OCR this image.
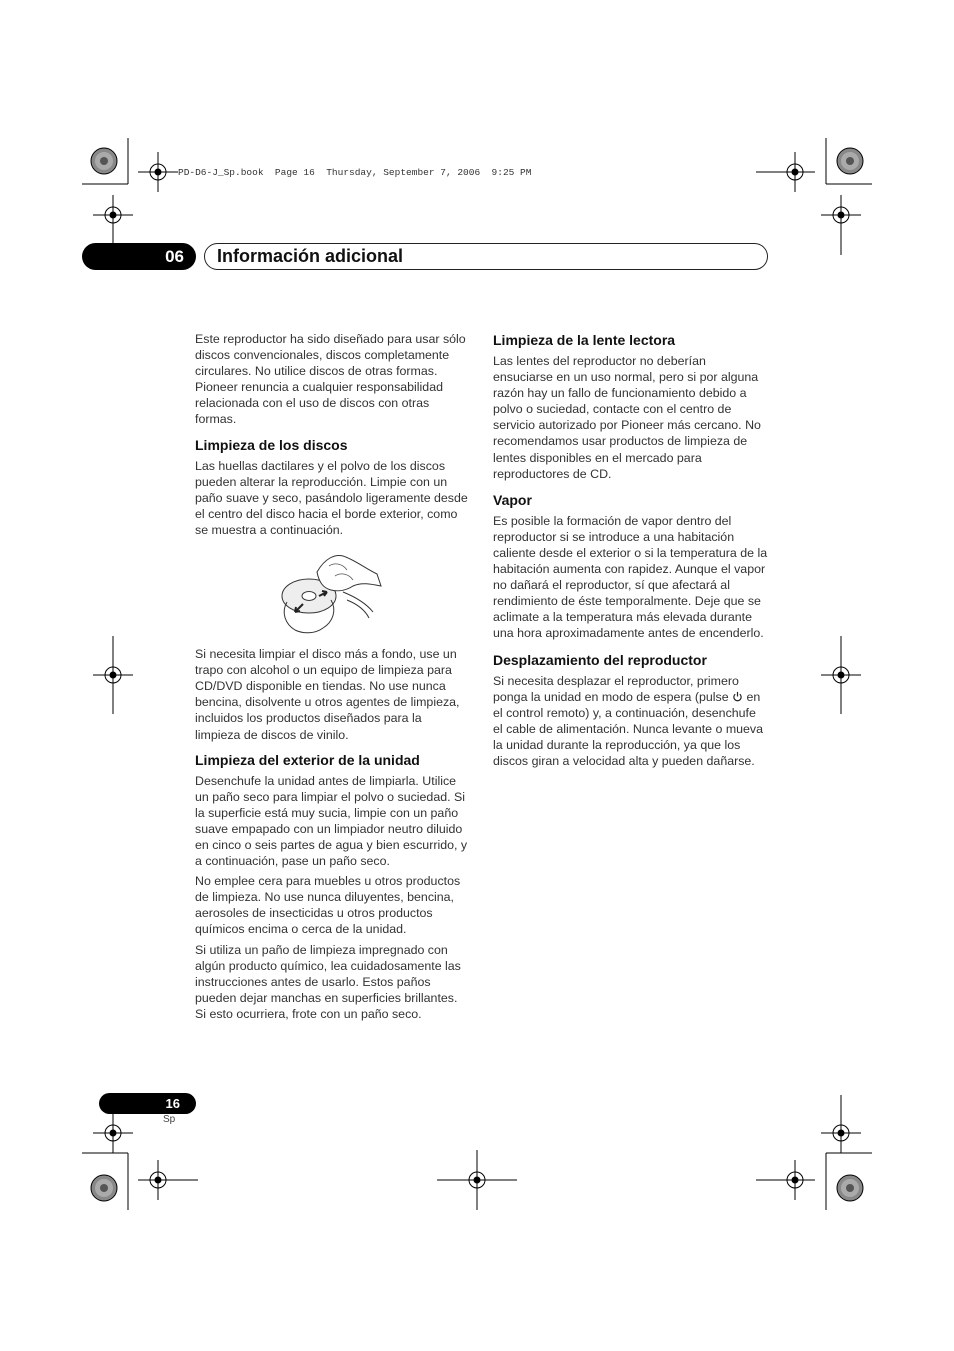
PD-D6-J_Sp.book  Page 16  Thursday, September 7, 2006  9:25 PM
06	Información adicional

Este reproductor ha sido diseñado para usar sólo discos convencionales, discos completamente circulares. No utilice discos de otras formas. Pioneer renuncia a cualquier responsabilidad relacionada con el uso de discos con otras formas.

Limpieza de los discos

Las huellas dactilares y el polvo de los discos pueden alterar la reproducción. Limpie con un paño suave y seco, pasándolo ligeramente desde el centro del disco hacia el borde exterior, como se muestra a continuación.

Si necesita limpiar el disco más a fondo, use un trapo con alcohol o un equipo de limpieza para CD/DVD disponible en tiendas. No use nunca bencina, disolvente u otros agentes de limpieza, incluidos los productos diseñados para la limpieza de discos de vinilo.

Limpieza del exterior de la unidad

Desenchufe la unidad antes de limpiarla. Utilice un paño seco para limpiar el polvo o suciedad. Si la superficie está muy sucia, limpie con un paño suave empapado con un limpiador neutro diluido en cinco o seis partes de agua y bien escurrido, y a continuación, pase un paño seco.

No emplee cera para muebles u otros productos de limpieza. No use nunca diluyentes, bencina, aerosoles de insecticidas u otros productos químicos encima o cerca de la unidad.

Si utiliza un paño de limpieza impregnado con algún producto químico, lea cuidadosamente las instrucciones antes de usarlo. Estos paños pueden dejar manchas en superficies brillantes. Si esto ocurriera, frote con un paño seco.

Limpieza de la lente lectora

Las lentes del reproductor no deberían ensuciarse en un uso normal, pero si por alguna razón hay un fallo de funcionamiento debido a polvo o suciedad, contacte con el centro de servicio autorizado por Pioneer más cercano. No recomendamos usar productos de limpieza de lentes disponibles en el mercado para reproductores de CD.

Vapor

Es posible la formación de vapor dentro del reproductor si se introduce a una habitación caliente desde el exterior o si la temperatura de la habitación aumenta con rapidez. Aunque el vapor no dañará el reproductor, sí que afectará al rendimiento de éste temporalmente. Deje que se aclimate a la temperatura más elevada durante una hora aproximadamente antes de encenderlo.

Desplazamiento del reproductor

Si necesita desplazar el reproductor, primero ponga la unidad en modo de espera (pulse  en el control remoto) y, a continuación, desenchufe el cable de alimentación. Nunca levante o mueva la unidad durante la reproducción, ya que los discos giran a velocidad alta y pueden dañarse.

16
Sp
